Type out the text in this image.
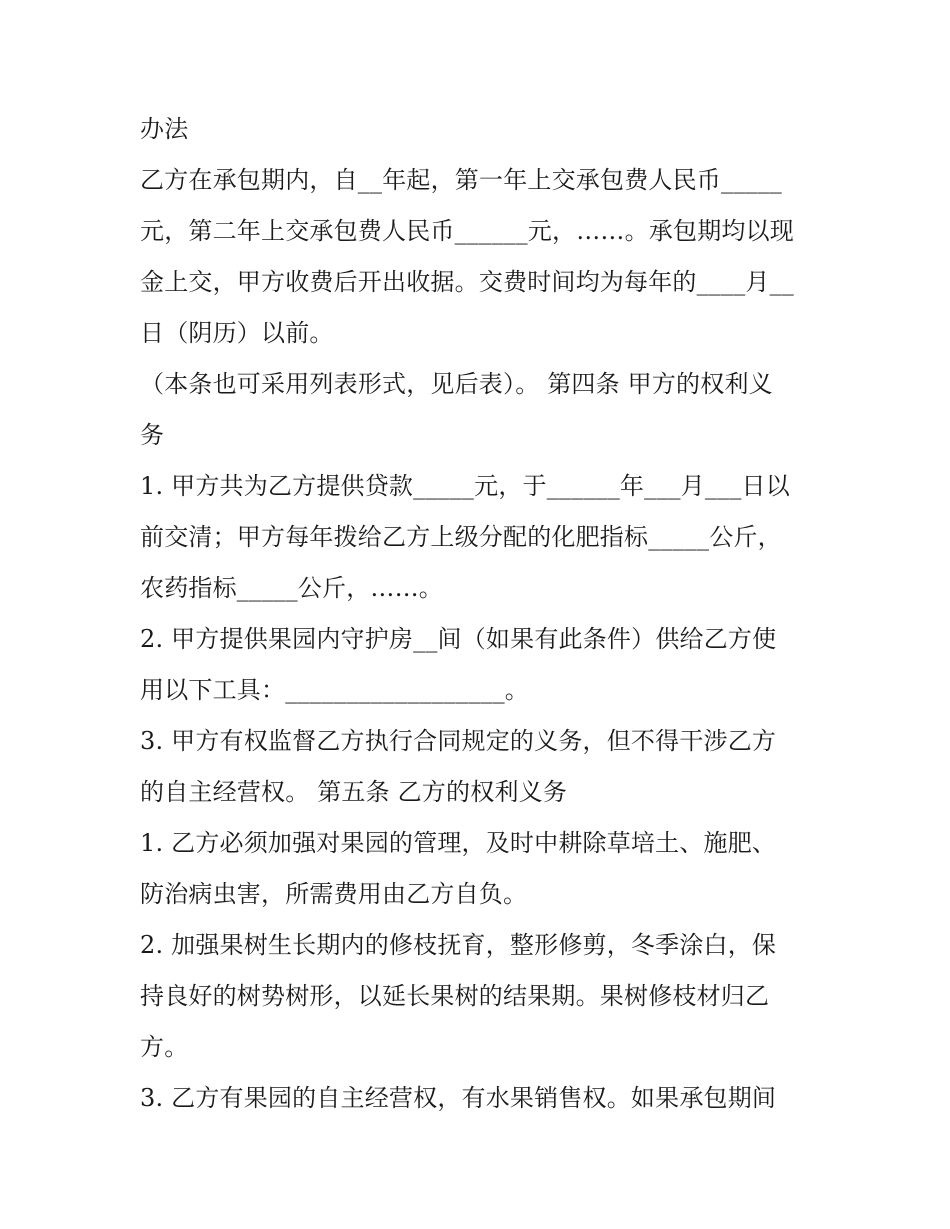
办法
乙方在承包期内，自__年起，第一年上交承包费人民币_____
元，第二年上交承包费人民币______元，……。承包期均以现
金上交，甲方收费后开出收据。交费时间均为每年的____月__
日（阴历）以前。
（本条也可采用列表形式，见后表）。 第四条 甲方的权利义
务
1. 甲方共为乙方提供贷款_____元，于______年___月___日以
前交清；甲方每年拨给乙方上级分配的化肥指标_____公斤，
农药指标_____公斤，……。
2. 甲方提供果园内守护房__间（如果有此条件）供给乙方使
用以下工具：__________________。
3. 甲方有权监督乙方执行合同规定的义务，但不得干涉乙方
的自主经营权。 第五条 乙方的权利义务
1. 乙方必须加强对果园的管理，及时中耕除草培土、施肥、
防治病虫害，所需费用由乙方自负。
2. 加强果树生长期内的修枝抚育，整形修剪，冬季涂白，保
持良好的树势树形，以延长果树的结果期。果树修枝材归乙
方。
3. 乙方有果园的自主经营权，有水果销售权。如果承包期间
